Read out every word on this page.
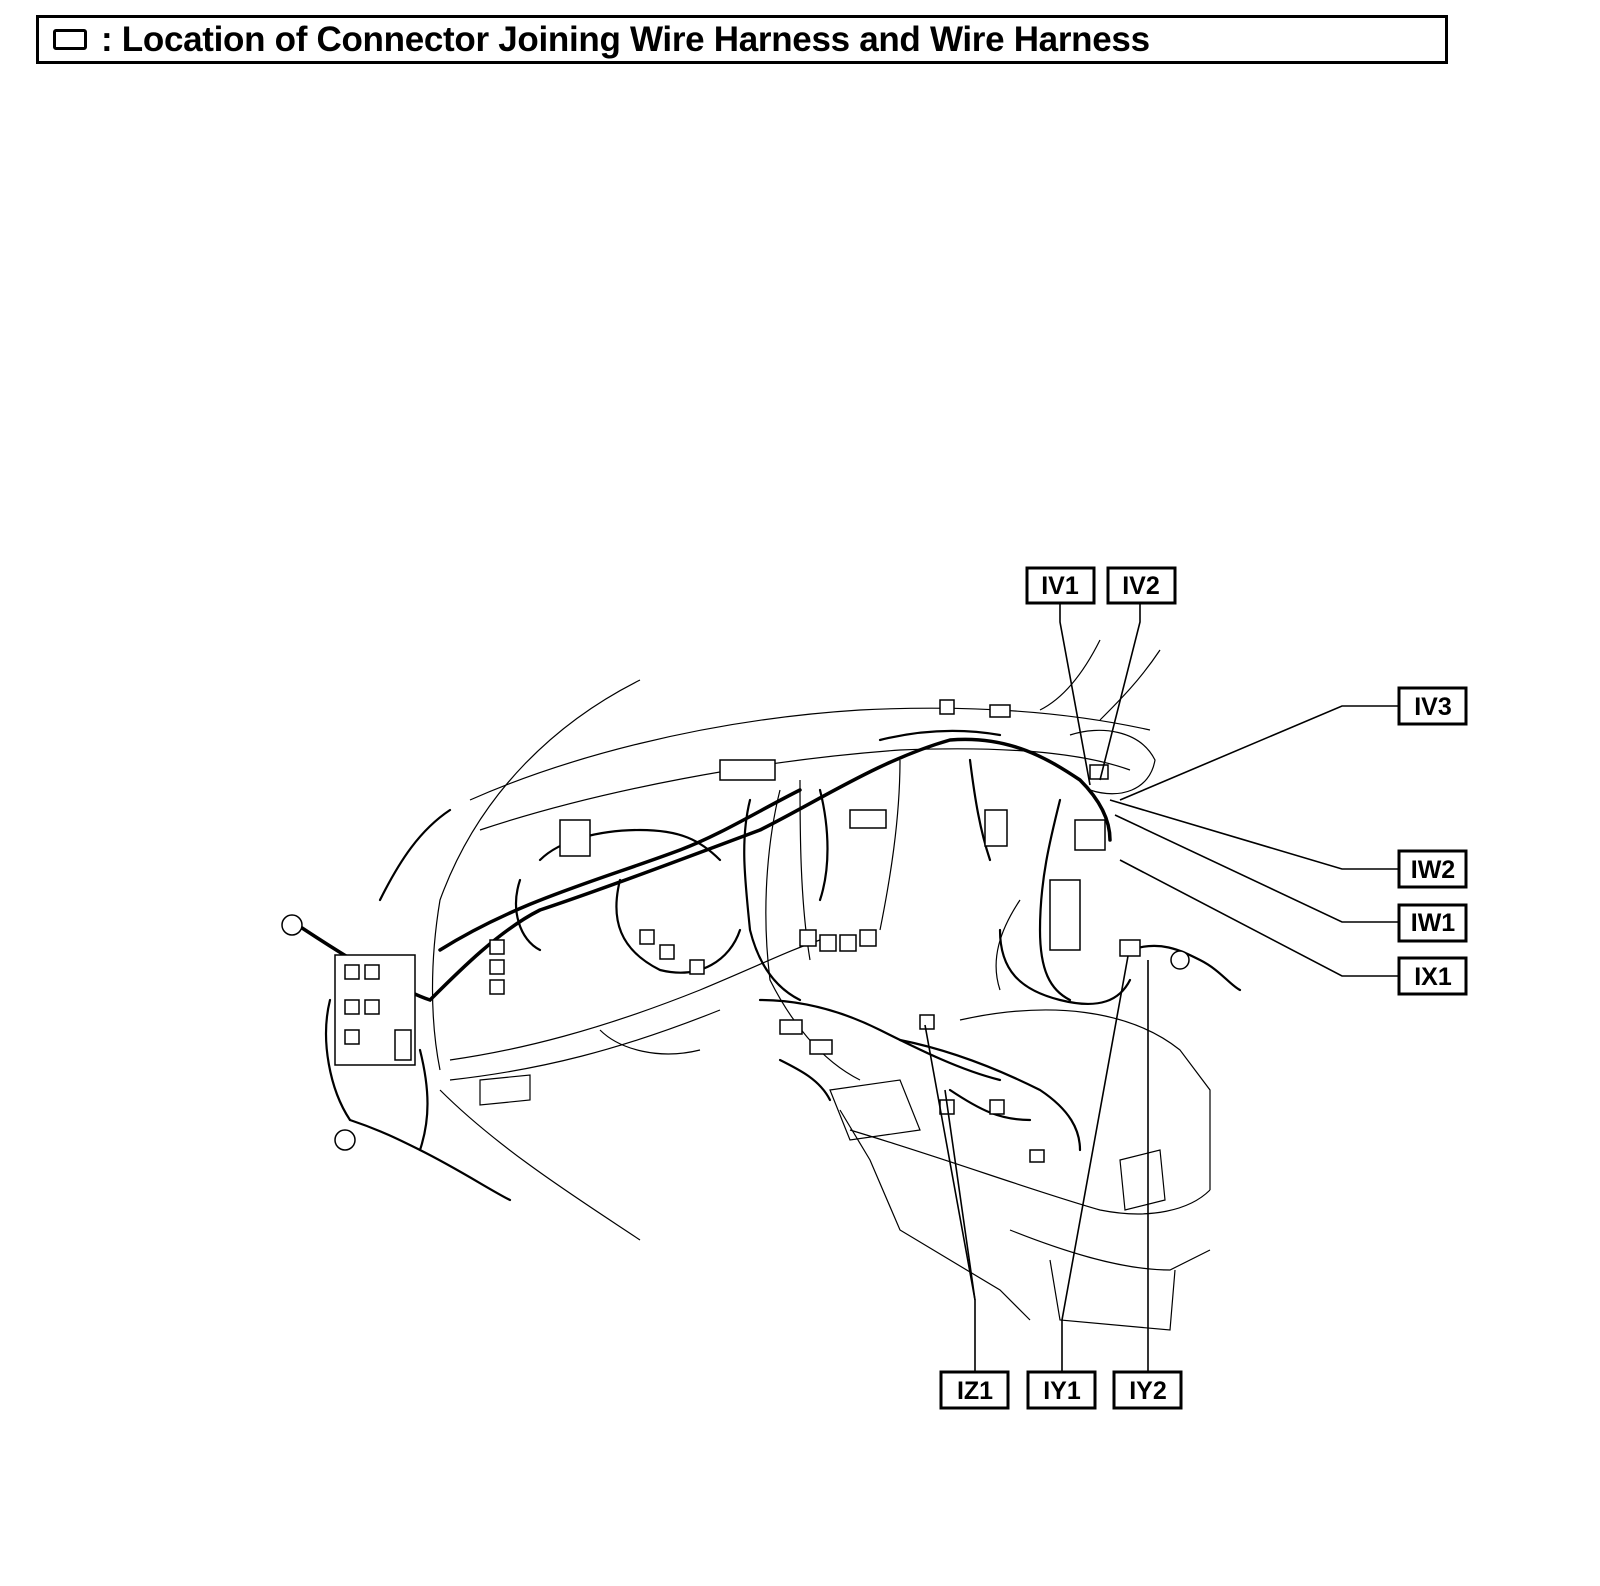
: Location of Connector Joining Wire Harness and Wire Harness
IV1 IV2
IV3
IW2
IW1
IX1
IZ1 IY1 IY2
